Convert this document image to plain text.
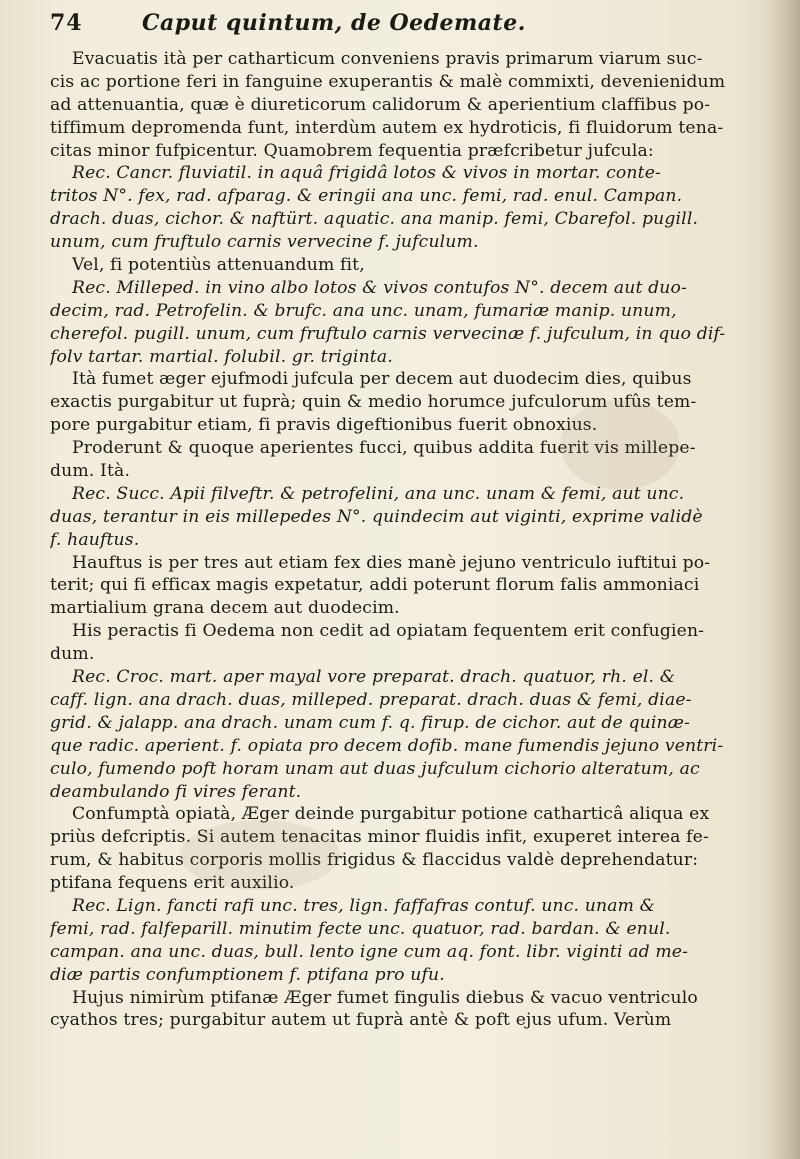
74	Caput quintum, de Oedemate.
Evacuatis ità per catharticum conveniens pravis primarum viarum suc-
cis ac portione feri in fanguine exuperantis & malè commixti, devenienidum
ad attenuantia, quæ è diureticorum calidorum & aperientium claffibus po-
tiffimum depromenda funt, interdùm autem ex hydroticis, fi fluidorum tena-
citas minor fufpicentur. Quamobrem fequentia præfcribetur jufcula:
Rec. Cancr. fluviatil. in aquâ frigidâ lotos & vivos in mortar. conte-
tritos N°. fex, rad. afparag. & eringii ana unc. femi, rad. enul. Campan.
drach. duas, cichor. & naftürt. aquatic. ana manip. femi, Cbarefol. pugill.
unum, cum fruftulo carnis vervecine f. jufculum.
Vel, fi potentiùs attenuandum fit,
Rec. Milleped. in vino albo lotos & vivos contufos N°. decem aut duo-
decim, rad. Petrofelin. & brufc. ana unc. unam, fumariæ manip. unum,
cherefol. pugill. unum, cum fruftulo carnis vervecinæ f. jufculum, in quo dif-
folv tartar. martial. folubil. gr. triginta.
Ità fumet æger ejufmodi jufcula per decem aut duodecim dies, quibus
exactis purgabitur ut fuprà; quin & medio horumce jufculorum ufûs tem-
pore purgabitur etiam, fi pravis digeftionibus fuerit obnoxius.
Proderunt & quoque aperientes fucci, quibus addita fuerit vis millepe-
dum. Ità.
Rec. Succ. Apii filveftr. & petrofelini, ana unc. unam & femi, aut unc.
duas, terantur in eis millepedes N°. quindecim aut viginti, exprime validè
f. hauftus.
Hauftus is per tres aut etiam fex dies manè jejuno ventriculo iuftitui po-
terit; qui fi efficax magis expetatur, addi poterunt florum falis ammoniaci
martialium grana decem aut duodecim.
His peractis fi Oedema non cedit ad opiatam fequentem erit confugien-
dum.
Rec. Croc. mart. aper mayal vore preparat. drach. quatuor, rh. el. &
caff. lign. ana drach. duas, milleped. preparat. drach. duas & femi, diae-
grid. & jalapp. ana drach. unam cum f. q. firup. de cichor. aut de quinæ-
que radic. aperient. f. opiata pro decem dofib. mane fumendis jejuno ventri-
culo, fumendo poft horam unam aut duas jufculum cichorio alteratum, ac
deambulando fi vires ferant.
Confumptà opiatà, Æger deinde purgabitur potione catharticâ aliqua ex
priùs defcriptis. Si autem tenacitas minor fluidis infit, exuperet interea fe-
rum, & habitus corporis mollis frigidus & flaccidus valdè deprehendatur:
ptifana fequens erit auxilio.
Rec. Lign. fancti rafi unc. tres, lign. faffafras contuf. unc. unam &
femi, rad. falfeparill. minutim fecte unc. quatuor, rad. bardan. & enul.
campan. ana unc. duas, bull. lento igne cum aq. font. libr. viginti ad me-
diæ partis confumptionem f. ptifana pro ufu.
Hujus nimirùm ptifanæ Æger fumet fingulis diebus & vacuo ventriculo
cyathos tres; purgabitur autem ut fuprà antè & poft ejus ufum. Verùm
